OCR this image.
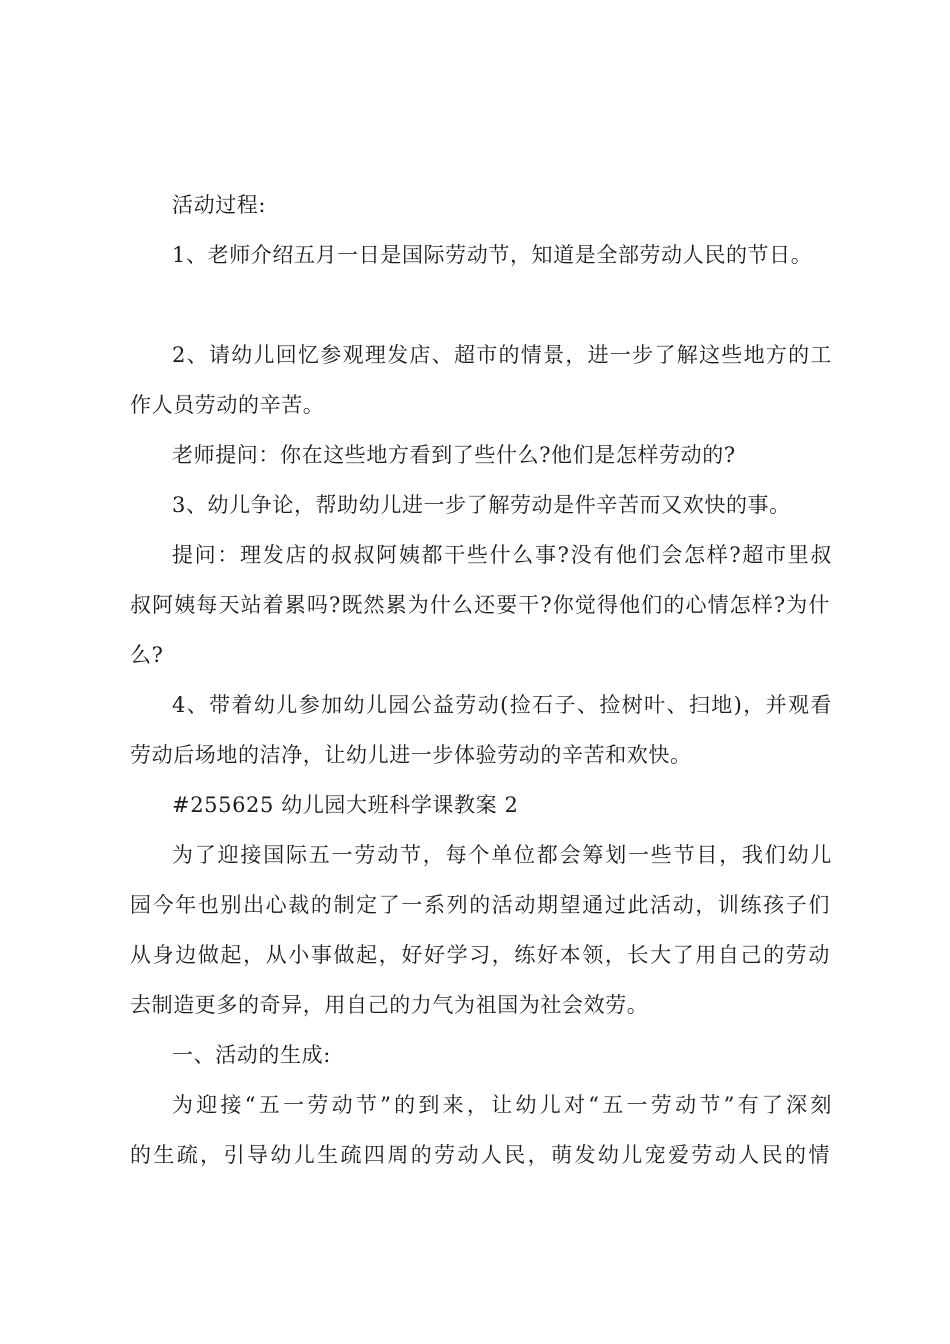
活动过程:
1、老师介绍五月一日是国际劳动节，知道是全部劳动人民的节日。
2、请幼儿回忆参观理发店、超市的情景，进一步了解这些地方的工
作人员劳动的辛苦。
老师提问：你在这些地方看到了些什么?他们是怎样劳动的?
3、幼儿争论，帮助幼儿进一步了解劳动是件辛苦而又欢快的事。
提问：理发店的叔叔阿姨都干些什么事?没有他们会怎样?超市里叔
叔阿姨每天站着累吗?既然累为什么还要干?你觉得他们的心情怎样?为什
么?
4、带着幼儿参加幼儿园公益劳动(捡石子、捡树叶、扫地)，并观看
劳动后场地的洁净，让幼儿进一步体验劳动的辛苦和欢快。
#255625 幼儿园大班科学课教案 2
为了迎接国际五一劳动节，每个单位都会筹划一些节目，我们幼儿
园今年也别出心裁的制定了一系列的活动期望通过此活动，训练孩子们
从身边做起，从小事做起，好好学习，练好本领，长大了用自己的劳动
去制造更多的奇异，用自己的力气为祖国为社会效劳。
一、活动的生成:
为迎接“五一劳动节”的到来，让幼儿对“五一劳动节”有了深刻
的生疏，引导幼儿生疏四周的劳动人民，萌发幼儿宠爱劳动人民的情
